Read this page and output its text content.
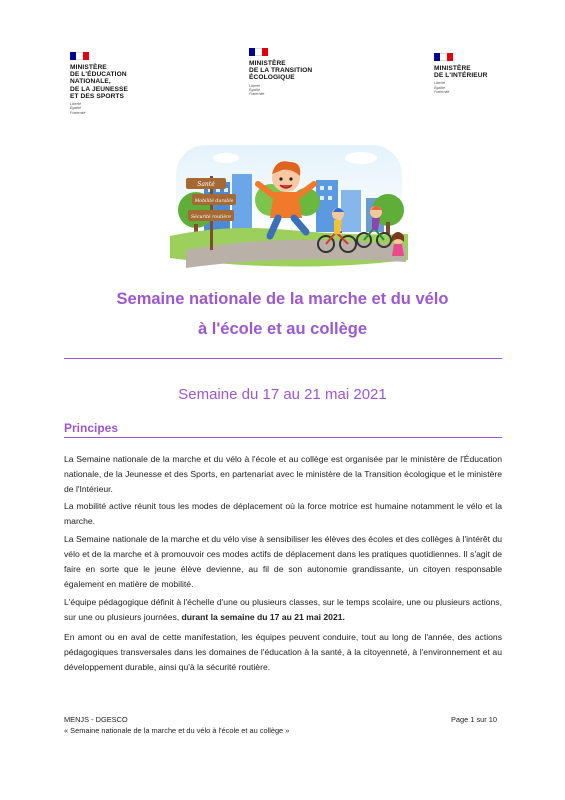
MINISTÈRE
DE L'ÉDUCATION
NATIONALE,
DE LA JEUNESSE
ET DES SPORTS
Liberté
Égalité
Fraternité
MINISTÈRE
DE LA TRANSITION
ÉCOLOGIQUE
Liberté
Égalité
Fraternité
MINISTÈRE
DE L'INTÉRIEUR
Liberté
Égalité
Fraternité
Santé
Mobilité durable
Sécurité routière
Semaine nationale de la marche et du vélo
à l'école et au collège
Semaine du 17 au 21 mai 2021
Principes
La Semaine nationale de la marche et du vélo à l'école et au collège est organisée par le ministère de l'Éducation nationale, de la Jeunesse et des Sports, en partenariat avec le ministère de la Transition écologique et le ministère de l'Intérieur.
La mobilité active réunit tous les modes de déplacement où la force motrice est humaine notamment le vélo et la marche.
La Semaine nationale de la marche et du vélo vise à sensibiliser les élèves des écoles et des collèges à l'intérêt du vélo et de la marche et à promouvoir ces modes actifs de déplacement dans les pratiques quotidiennes. Il s'agit de faire en sorte que le jeune élève devienne, au fil de son autonomie grandissante, un citoyen responsable également en matière de mobilité.
L'équipe pédagogique définit à l'échelle d'une ou plusieurs classes, sur le temps scolaire, une ou plusieurs actions, sur une ou plusieurs journées, durant la semaine du 17 au 21 mai 2021.
En amont ou en aval de cette manifestation, les équipes peuvent conduire, tout au long de l'année, des actions pédagogiques transversales dans les domaines de l'éducation à la santé, à la citoyenneté, à l'environnement et au développement durable, ainsi qu'à la sécurité routière.
MENJS - DGESCO
« Semaine nationale de la marche et du vélo à l'école et au collège »
Page 1 sur 10
